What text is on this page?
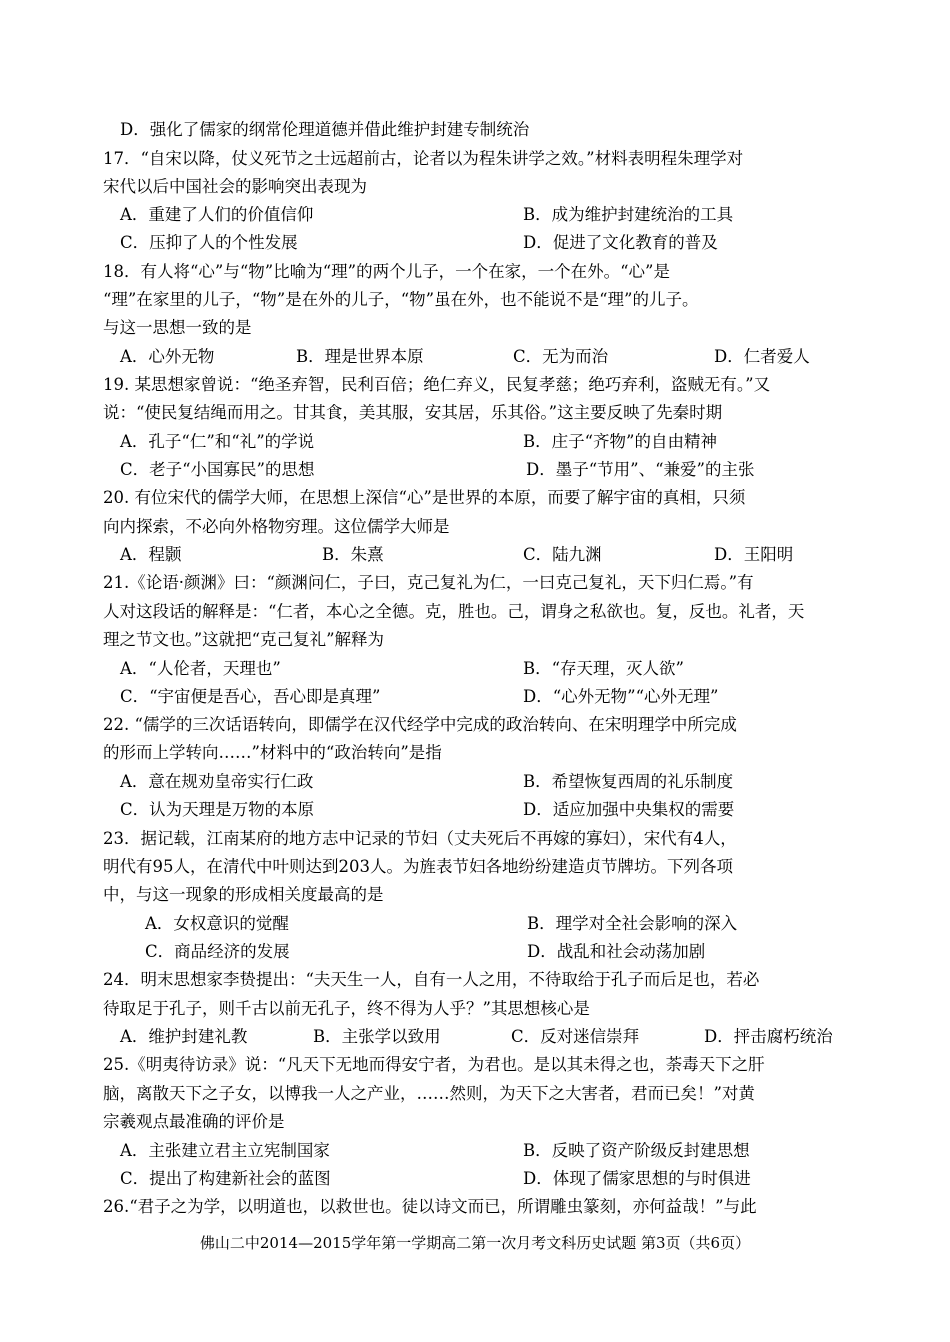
D．强化了儒家的纲常伦理道德并借此维护封建专制统治
17．“自宋以降，仗义死节之士远超前古，论者以为程朱讲学之效。”材料表明程朱理学对
宋代以后中国社会的影响突出表现为
A．重建了人们的价值信仰	B．成为维护封建统治的工具
C．压抑了人的个性发展	D．促进了文化教育的普及
18．有人将“心”与“物”比喻为“理”的两个儿子，一个在家，一个在外。“心”是
“理”在家里的儿子，“物”是在外的儿子，“物”虽在外，也不能说不是“理”的儿子。
与这一思想一致的是
A．心外无物	B．理是世界本原	C．无为而治	D．仁者爱人
19. 某思想家曾说：“绝圣弃智，民利百倍；绝仁弃义，民复孝慈；绝巧弃利，盗贼无有。”又
说：“使民复结绳而用之。甘其食，美其服，安其居，乐其俗。”这主要反映了先秦时期
A．孔子“仁”和“礼”的学说	B．庄子“齐物”的自由精神
C．老子“小国寡民”的思想	D．墨子“节用”、“兼爱”的主张
20. 有位宋代的儒学大师，在思想上深信“心”是世界的本原，而要了解宇宙的真相，只须
向内探索，不必向外格物穷理。这位儒学大师是
A．程颢	B．朱熹	C．陆九渊	D．王阳明
21.《论语·颜渊》曰：“颜渊问仁，子曰，克己复礼为仁，一曰克己复礼，天下归仁焉。”有
人对这段话的解释是：“仁者，本心之全德。克，胜也。己，谓身之私欲也。复，反也。礼者，天
理之节文也。”这就把“克己复礼”解释为
A．“人伦者，天理也”	B．“存天理，灭人欲”
C．“宇宙便是吾心，吾心即是真理”	D．“心外无物”“心外无理”
22. “儒学的三次话语转向，即儒学在汉代经学中完成的政治转向、在宋明理学中所完成
的形而上学转向……”材料中的“政治转向”是指
A．意在规劝皇帝实行仁政	B．希望恢复西周的礼乐制度
C．认为天理是万物的本原	D．适应加强中央集权的需要
23．据记载，江南某府的地方志中记录的节妇（丈夫死后不再嫁的寡妇），宋代有4人，
明代有95人，在清代中叶则达到203人。为旌表节妇各地纷纷建造贞节牌坊。下列各项
中，与这一现象的形成相关度最高的是
A．女权意识的觉醒	B．理学对全社会影响的深入
C．商品经济的发展	D．战乱和社会动荡加剧
24．明末思想家李贽提出：“夫天生一人，自有一人之用，不待取给于孔子而后足也，若必
待取足于孔子，则千古以前无孔子，终不得为人乎？”其思想核心是
A．维护封建礼教	B．主张学以致用	C．反对迷信崇拜	D．抨击腐朽统治
25.《明夷待访录》说：“凡天下无地而得安宁者，为君也。是以其未得之也，荼毒天下之肝
脑，离散天下之子女，以博我一人之产业，……然则，为天下之大害者，君而已矣！”对黄
宗羲观点最准确的评价是
A．主张建立君主立宪制国家	B．反映了资产阶级反封建思想
C．提出了构建新社会的蓝图	D．体现了儒家思想的与时俱进
26.“君子之为学，以明道也，以救世也。徒以诗文而已，所谓雕虫篆刻，亦何益哉！”与此
佛山二中2014—2015学年第一学期高二第一次月考文科历史试题 第3页（共6页）
